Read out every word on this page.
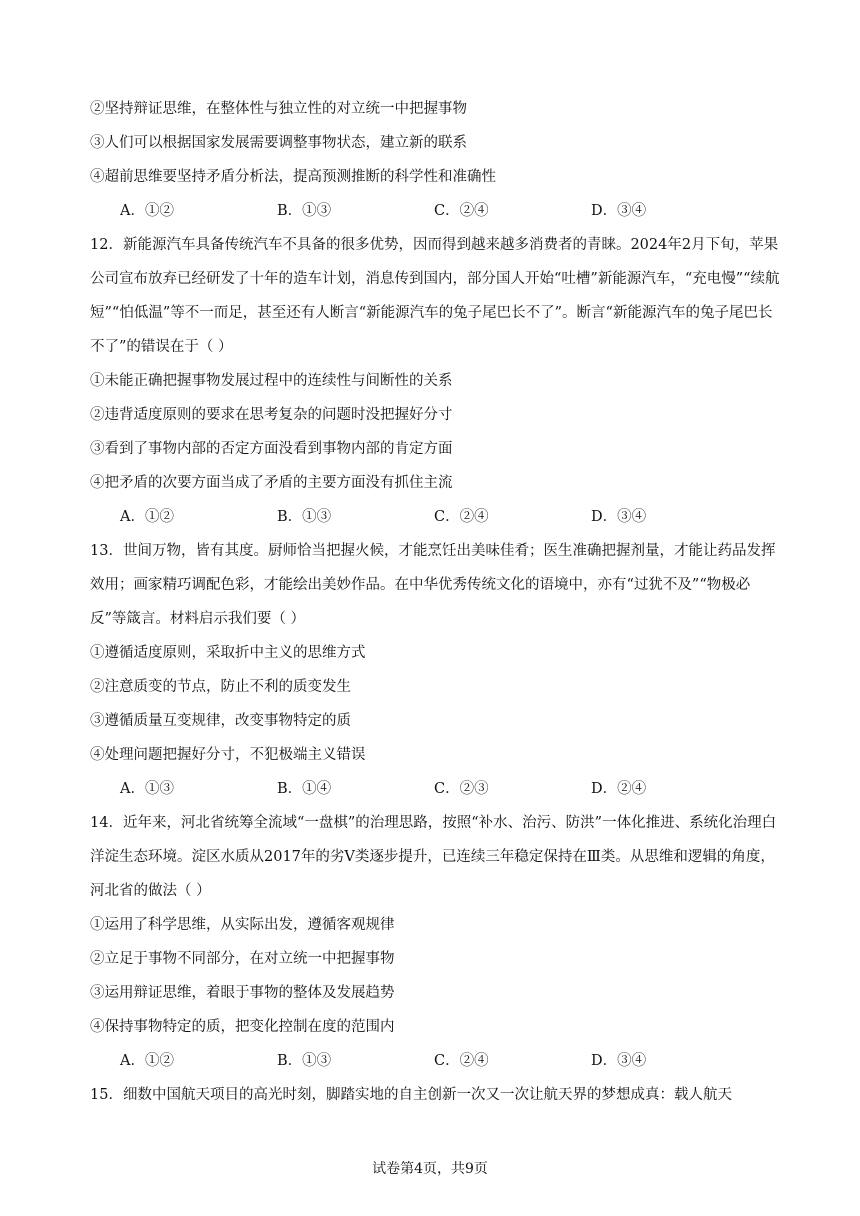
②坚持辩证思维，在整体性与独立性的对立统一中把握事物
③人们可以根据国家发展需要调整事物状态，建立新的联系
④超前思维要坚持矛盾分析法，提高预测推断的科学性和准确性
A．①②	B．①③	C．②④	D．③④
12．新能源汽车具备传统汽车不具备的很多优势，因而得到越来越多消费者的青睐。2024年2月下旬，苹果公司宣布放弃已经研发了十年的造车计划，消息传到国内，部分国人开始“吐槽”新能源汽车，“充电慢”“续航短”“怕低温”等不一而足，甚至还有人断言“新能源汽车的兔子尾巴长不了”。断言“新能源汽车的兔子尾巴长不了”的错误在于（ ）
①未能正确把握事物发展过程中的连续性与间断性的关系
②违背适度原则的要求在思考复杂的问题时没把握好分寸
③看到了事物内部的否定方面没看到事物内部的肯定方面
④把矛盾的次要方面当成了矛盾的主要方面没有抓住主流
A．①②	B．①③	C．②④	D．③④
13．世间万物，皆有其度。厨师恰当把握火候，才能烹饪出美味佳肴；医生准确把握剂量，才能让药品发挥效用；画家精巧调配色彩，才能绘出美妙作品。在中华优秀传统文化的语境中，亦有“过犹不及”“物极必反”等箴言。材料启示我们要（ ）
①遵循适度原则，采取折中主义的思维方式
②注意质变的节点，防止不利的质变发生
③遵循质量互变规律，改变事物特定的质
④处理问题把握好分寸，不犯极端主义错误
A．①③	B．①④	C．②③	D．②④
14．近年来，河北省统筹全流域“一盘棋”的治理思路，按照“补水、治污、防洪”一体化推进、系统化治理白洋淀生态环境。淀区水质从2017年的劣Ⅴ类逐步提升，已连续三年稳定保持在Ⅲ类。从思维和逻辑的角度，河北省的做法（ ）
①运用了科学思维，从实际出发，遵循客观规律
②立足于事物不同部分，在对立统一中把握事物
③运用辩证思维，着眼于事物的整体及发展趋势
④保持事物特定的质，把变化控制在度的范围内
A．①②	B．①③	C．②④	D．③④
15．细数中国航天项目的高光时刻，脚踏实地的自主创新一次又一次让航天界的梦想成真：载人航天
试卷第4页，共9页
